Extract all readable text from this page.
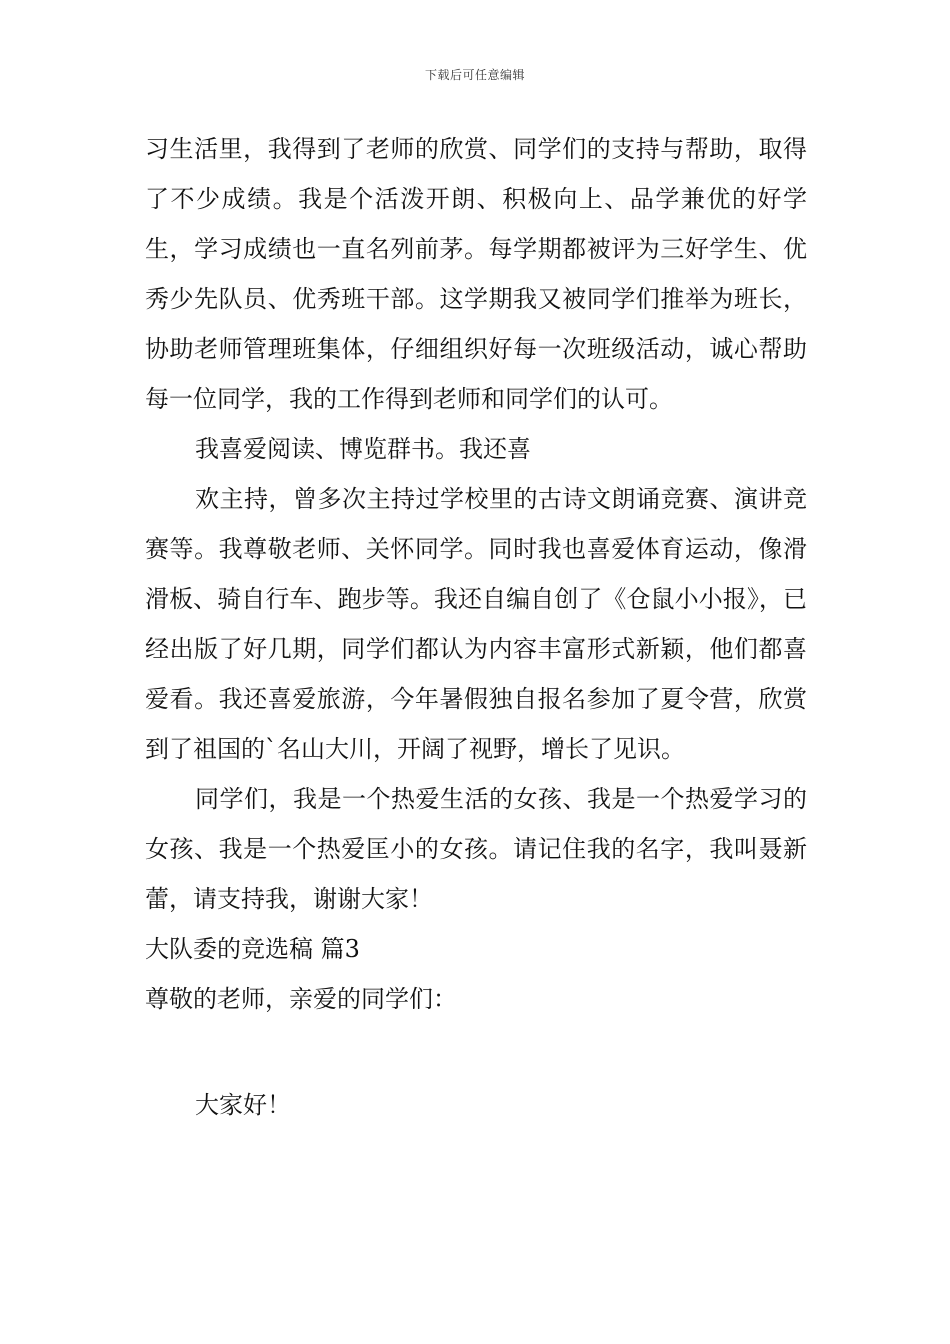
下载后可任意编辑

习生活里，我得到了老师的欣赏、同学们的支持与帮助，取得了不少成绩。我是个活泼开朗、积极向上、品学兼优的好学生，学习成绩也一直名列前茅。每学期都被评为三好学生、优秀少先队员、优秀班干部。这学期我又被同学们推举为班长，协助老师管理班集体，仔细组织好每一次班级活动，诚心帮助每一位同学，我的工作得到老师和同学们的认可。

我喜爱阅读、博览群书。我还喜

欢主持，曾多次主持过学校里的古诗文朗诵竞赛、演讲竞赛等。我尊敬老师、关怀同学。同时我也喜爱体育运动，像滑滑板、骑自行车、跑步等。我还自编自创了《仓鼠小小报》，已经出版了好几期，同学们都认为内容丰富形式新颖，他们都喜爱看。我还喜爱旅游，今年暑假独自报名参加了夏令营，欣赏到了祖国的`名山大川，开阔了视野，增长了见识。

同学们，我是一个热爱生活的女孩、我是一个热爱学习的女孩、我是一个热爱匡小的女孩。请记住我的名字，我叫聂新蕾，请支持我，谢谢大家！

大队委的竞选稿 篇3

尊敬的老师，亲爱的同学们：

大家好！
